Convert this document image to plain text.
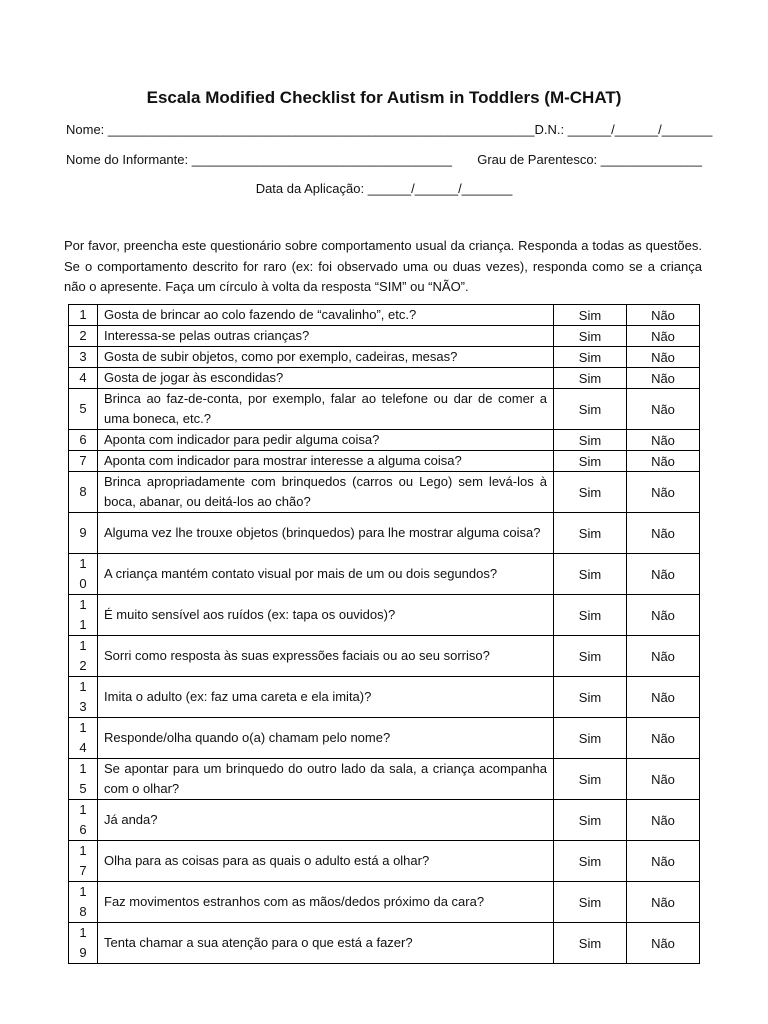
Escala Modified Checklist for Autism in Toddlers (M-CHAT)
Nome: ___________________________________________________________ D.N.: ______/______/_______
Nome do Informante: ____________________________________ Grau de Parentesco: ______________
Data da Aplicação: ______/______/_______
Por favor, preencha este questionário sobre comportamento usual da criança. Responda a todas as questões. Se o comportamento descrito for raro (ex: foi observado uma ou duas vezes), responda como se a criança não o apresente. Faça um círculo à volta da resposta “SIM” ou “NÃO”.
1	Gosta de brincar ao colo fazendo de “cavalinho”, etc.?	Sim	Não
2	Interessa-se pelas outras crianças?	Sim	Não
3	Gosta de subir objetos, como por exemplo, cadeiras, mesas?	Sim	Não
4	Gosta de jogar às escondidas?	Sim	Não
5	Brinca ao faz-de-conta, por exemplo, falar ao telefone ou dar de comer a uma boneca, etc.?	Sim	Não
6	Aponta com indicador para pedir alguma coisa?	Sim	Não
7	Aponta com indicador para mostrar interesse a alguma coisa?	Sim	Não
8	Brinca apropriadamente com brinquedos (carros ou Lego) sem levá-los à boca, abanar, ou deitá-los ao chão?	Sim	Não
9	Alguma vez lhe trouxe objetos (brinquedos) para lhe mostrar alguma coisa?	Sim	Não
10	A criança mantém contato visual por mais de um ou dois segundos?	Sim	Não
11	É muito sensível aos ruídos (ex: tapa os ouvidos)?	Sim	Não
12	Sorri como resposta às suas expressões faciais ou ao seu sorriso?	Sim	Não
13	Imita o adulto (ex: faz uma careta e ela imita)?	Sim	Não
14	Responde/olha quando o(a) chamam pelo nome?	Sim	Não
15	Se apontar para um brinquedo do outro lado da sala, a criança acompanha com o olhar?	Sim	Não
16	Já anda?	Sim	Não
17	Olha para as coisas para as quais o adulto está a olhar?	Sim	Não
18	Faz movimentos estranhos com as mãos/dedos próximo da cara?	Sim	Não
19	Tenta chamar a sua atenção para o que está a fazer?	Sim	Não
